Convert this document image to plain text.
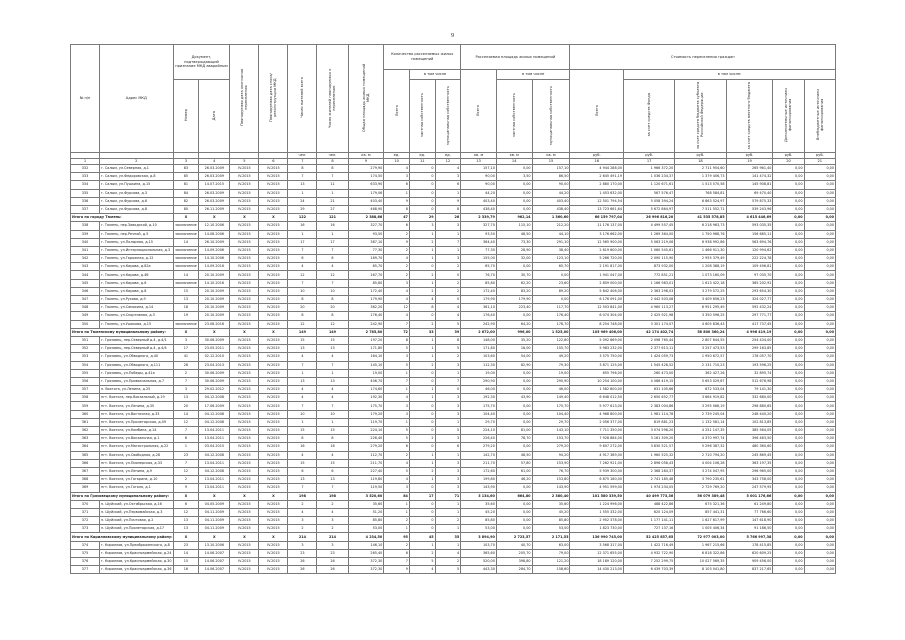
9
№ п/п	Адрес МКД	Документ, подтверждающий признание МКД аварийным		Планируемая дата окончания переселения	Планируемая дата сноса/реконструкции МКД	Число жителей всего	Число жителей планируемых к переселению	Общая площадь жилых помещений МКД	Количество расселяемых жилых помещений			Расселяемая площадь жилых помещений			Стоимость переселения граждан					
									Всего	в том числе		Всего	в том числе		Всего	в том числе:				
										частная собственность	муниципальная собственность		частная собственность	муниципальная собственность		за счет средств Фонда	за счет средств бюджета субъекта Российской Федерации	за счет средств местного бюджета	Дополнительные источники финансирования	Внебюджетные источники финансирования
		Номер	Дата																	
						чел.	чел.	кв. м	ед.	ед.	ед.	кв. м	кв. м	кв. м	руб.	руб.	руб.	руб.	руб.	руб.
1	2	3	4	5	6	7	8	9	10	11	12	13	14	15	16	17	18	19	20	21
332	г. Салым, ул.Северная, д.1	83	26.03.2009	IV.2015	IV.2015	8	8	279,90	4	0	4	157,10	0,00	157,10	4 944 288,00	1 966 372,20	2 711 954,60	265 961,40	0,00	0,00
333	г. Салым, ул.Федоровская, д.8	85	26.03.2009	IV.2015	IV.2015	7	7	174,50	3	0	3	90,00	3,50	86,50	2 645 491,19	1 036 234,37	1 379 406,73	141 474,32	0,00	0,00
334	г. Салым, ул.Пушкина, д.15	81	14.07.2015	IV.2015	IV.2015	13	11	633,90	6	0	6	90,00	0,00	90,00	2 880 170,00	1 120 671,61	1 513 570,58	145 908,81	0,00	0,00
335	г. Салым, ул.Фурсова, д.3	84	26.03.2009	IV.2015	IV.2015	1	1	179,06	1	0	1	44,20	0,00	44,20	1 453 632,00	567 576,47	768 584,81	69 470,40	0,00	0,00
336	г. Салым, ул.Фурсова, д.6	82	26.03.2009	IV.2015	IV.2015	24	21	403,40	9	0	9	403,40	0,00	403,40	12 501 794,54	5 058 394,24	6 863 524,97	579 875,33	0,00	0,00
337	г. Салым, ул.Фурсова, д.8	80	26.11.2009	IV.2015	IV.2015	29	27	468,90	8	0	8	438,40	0,00	438,40	13 723 661,64	5 672 864,97	7 511 552,71	539 243,96	0,00	0,00
Итого по городу Тюлень:		X	X	X	X	122	121	2 388,66	47	29	26	2 339,79	962,14	1 360,60	66 159 797,04	26 996 816,20	41 535 578,85	4 615 446,69	0,00	0,00
338	г. Тюлень, пер.Заводской, д.10	заключение	12.10.2006	IV.2015	IV.2015	16	16	327,70	6	3	3	327,70	115,10	212,20	11 176 137,00	4 499 557,45	6 218 963,73	593 035,35	0,00	0,00
339	г. Тюлень, пер.Речной, д.5	заключение	14.08.2006	IV.2015	IV.2015	1	1	93,50	2	1	1	93,50	48,50	44,10	3 176 662,00	1 269 364,00	1 750 968,76	156 685,11	0,00	0,00
340	г. Тюлень, ул.Полярная, д.15	14	26.10.2009	IV.2015	IV.2015	17	17	387,10	9	2	7	364,40	73,30	291,10	12 565 900,00	5 063 219,06	6 938 992,86	563 694,76	0,00	0,00
341	г. Тюлень, ул.Интернациональная, д.3	заключение	14.09.2006	IV.2015	IV.2015	7	7	77,30	2	1	1	77,30	28,90	38,40	2 619 600,00	1 060 545,61	1 466 911,30	120 994,62	0,00	0,00
342	г. Тюлень, ул.Гаражная, д.12	заключение	14.10.2006	IV.2015	IV.2015	6	6	169,70	4	1	3	155,00	32,00	123,10	5 266 720,00	2 090 115,90	2 955 379,49	222 224,78	0,00	0,00
343	г. Тюлень, ул.Кирова, д.82а	заключение	14.09.2016	IV.2015	IV.2015	4	4	65,70	2	0	2	65,70	0,00	65,70	2 191 817,00	873 932,00	1 208 388,19	109 496,81	0,00	0,00
344	г. Тюлень, ул.Кирова, д.4б	14	20.10.2009	IV.2015	IV.2015	12	12	167,70	2	2	0	76,70	30,70	0,00	1 941 047,00	772 851,21	1 073 160,09	97 035,70	0,00	0,00
345	г. Тюлень, ул.Кирова, д.6	заключение	14.10.2016	IV.2015	IV.2015	7	7	85,80	3	1	2	85,80	62,20	23,60	2 859 000,00	1 166 983,01	1 613 422,18	365 202,92	0,00	0,00
346	г. Тюлень, ул.Кирова, д.8	15	20.10.2009	IV.2015	IV.2015	10	10	172,40	4	2	2	172,40	83,20	89,20	5 842 406,00	2 363 298,03	3 279 572,25	293 654,30	0,00	0,00
347	г. Тюлень, ул.Рухова, д.9	13	20.10.2009	IV.2015	IV.2015	8	8	179,90	4	4	0	179,90	179,90	0,00	6 176 091,00	2 442 503,08	3 409 656,23	324 027,77	0,00	0,00
348	г. Тюлень, ул.Самохина, д.14	18	20.10.2009	IV.2015	IV.2015	20	20	362,20	12	8	4	361,10	223,40	117,70	12 503 841,00	4 960 113,27	6 951 295,49	592 432,24	0,00	0,00
349	г. Тюлень, ул.Спортивная, д.3	19	20.10.2009	IV.2015	IV.2015	8	8	176,40	4	0	4	176,40	0,00	176,40	6 074 304,00	2 425 921,98	3 350 596,25	297 771,77	0,00	0,00
350	г. Тюлень, ул.Ушакова, д.15	заключение	23.08.2016	IV.2015	IV.2015	12	12	242,90	7	2	5	242,90	64,20	178,70	8 254 748,00	3 301 174,07	4 605 836,43	417 737,45	0,00	0,00
Итого по Тюленскому муниципальному району:		X	X	X	X	149	149	2 785,80	72	33	39	2 672,00	996,00	1 525,00	105 969 406,00	42 174 402,74	58 800 360,24	4 996 419,19	0,00	0,00
351	г. Грязовец, пер.Северный д.4, д.4/1	3	30.06.2009	IV.2015	IV.2015	15	15	197,20	8	1	8	148,00	35,20	122,80	5 092 669,00	2 098 765,44	2 807 644,55	254 434,00	0,00	0,00
352	г. Грязовец, пер.Северный д.4, д.4/4	17	23.05.2011	IV.2015	IV.2015	13	13	171,80	5	1	5	171,80	16,00	155,70	5 983 232,00	2 377 613,11	3 257 473,53	299 163,85	0,00	0,00
353	г. Грязовец, ул.Обводного, д.40	41	02.12.2010	IV.2015	IV.2015	4	4	164,10	3	1	2	103,60	54,00	49,20	3 575 750,00	1 424 059,73	1 950 672,57	178 057,70	0,00	0,00
354	г. Грязовец, ул.Обводного, д.111	28	23.04.2013	IV.2015	IV.2015	7	7	145,10	5	2	3	112,30	82,90	79,30	3 871 125,00	1 545 428,52	2 131 710,23	193 596,25	0,00	0,00
355	г. Грязовец, ул.Победы, д.41а	2	30.06.2009	IV.2015	IV.2015	1	1	19,00	1	0	1	19,00	0,00	19,00	655 796,00	260 473,00	362 427,26	32 895,74	0,00	0,00
356	г. Грязовец, ул.Привокзальная, д.7	7	30.06.2009	IV.2015	IV.2015	13	13	406,70	7	0	7	290,90	0,00	290,90	10 254 100,00	4 088 419,15	5 653 029,87	512 678,98	0,00	0,00
357	п. Вохтога, ул.Ленина, д.25	3	29.02.2012	IV.2015	IV.2015	4	4	174,60	1	1	0	46,00	0,00	46,00	1 582 800,00	631 105,66	872 533,04	79 141,30	0,00	0,00
358	пгт. Вохтога, пер.Вокзальный, д.19	13	04.12.2008	IV.2015	IV.2015	4	4	192,30	4	1	3	192,30	43,90	149,40	6 648 012,50	2 650 652,77	3 664 919,82	332 680,00	0,00	0,00
359	пгт. Вохтога, ул.Ленина, д.35	20	17.06.2009	IV.2015	IV.2015	7	7	175,70	3	0	3	175,70	0,00	175,70	5 977 613,00	2 383 004,86	3 295 068,19	298 880,65	0,00	0,00
360	пгт. Вохтога, ул.Восточная, д.33	14	04.12.2008	IV.2015	IV.2015	10	10	179,20	3	0	3	104,40	0,00	104,40	4 968 800,00	1 981 114,78	2 739 245,04	248 440,20	0,00	0,00
361	пгт. Вохтога, ул.Пролетарская, д.49	12	04.12.2008	IV.2015	IV.2015	1	1	119,70	1	0	1	29,70	0,00	29,70	2 056 377,00	819 881,23	1 132 581,14	102 813,85	0,00	0,00
362	пгт. Вохтога, ул.Комбина, д.14	7	13.04.2011	IV.2015	IV.2015	15	15	224,10	5	0	5	224,10	81,00	143,10	7 711 350,00	3 074 598,20	4 251 147,35	385 564,05	0,00	0,00
363	пгт. Вохтога, ул.Вокзальная, д.1	8	13.04.2011	IV.2015	IV.2015	8	8	226,40	5	2	3	226,40	78,70	153,70	7 928 884,00	3 161 309,20	4 370 997,74	396 463,50	0,00	0,00
364	пгт. Вохтога, ул.Магистральная, д.22	1	03.04.2015	IV.2015	IV.2015	16	16	279,20	6	0	6	279,20	0,00	279,20	9 607 272,00	3 830 521,57	5 296 387,32	480 360,60	0,00	0,00
365	пгт. Вохтога, ул.Свободная, д.28	23	04.12.2008	IV.2015	IV.2015	4	4	112,70	2	1	1	142,70	48,50	94,20	4 917 389,00	1 960 525,32	2 710 794,20	245 869,45	0,00	0,00
366	пгт. Вохтога, ул.Пионерская, д.33	7	13.04.2011	IV.2015	IV.2015	15	15	211,70	4	1	3	211,70	57,80	153,90	7 262 921,00	2 896 058,43	4 004 106,28	363 197,35	0,00	0,00
367	пгт. Вохтога, ул.Ленина, д.9	12	04.12.2008	IV.2015	IV.2015	6	6	227,40	5	2	3	172,60	61,00	76,70	5 939 300,00	2 368 284,37	3 274 047,95	296 965,00	0,00	0,00
368	пгт. Вохтога, ул.Гагарина, д.10	2	13.04.2011	IV.2015	IV.2015	13	13	119,80	4	1	3	199,80	46,20	153,80	6 875 180,00	2 741 185,48	3 790 235,61	343 758,00	0,00	0,00
369	пгт. Вохтога, ул.Гоголя, д.1	9	13.04.2011	IV.2015	IV.2015	7	7	119,50	3	0	3	143,90	0,00	143,90	4 951 599,00	1 974 234,05	2 729 769,20	247 579,95	0,00	0,00
Итого по Грязовецкому муниципальному району:		X	X	X	X	198	198	3 520,60	84	17	71	3 134,60	664,80	2 380,40	101 580 339,50	40 499 773,36	56 079 389,48	5 001 176,66	0,00	0,00
370	п. Шуйский, ул.Октябрьская, д.16	6	04.05.2009	IV.2015	IV.2015	2	2	35,60	1	0	1	35,60	0,00	35,60	1 224 996,00	488 422,86	675 321,36	61 249,80	0,00	0,00
371	п. Шуйский, ул.Первомайская, д.3	12	04.11.2009	IV.2015	IV.2015	4	4	51,20	1	0	1	45,20	0,00	45,20	1 555 332,00	620 124,09	857 441,31	77 766,60	0,00	0,00
372	п. Шуйский, ул.Почтовая, д.2	13	04.11.2009	IV.2015	IV.2015	3	3	85,80	2	0	2	85,80	0,00	85,80	2 952 378,00	1 177 141,11	1 627 617,99	147 618,90	0,00	0,00
373	п. Шуйский, ул.Пролетарская, д.17	13	04.11.2009	IV.2015	IV.2015	2	2	53,00	1	0	1	53,00	0,00	53,00	1 823 730,00	727 137,16	1 005 406,34	91 186,50	0,00	0,00
Итого по Кирилловскому муниципальному району:		X	X	X	X	214	214	4 234,50	95	45	35	3 894,90	2 723,57	2 171,53	136 990 745,00	52 425 857,65	72 977 003,00	5 766 997,38	0,00	0,00
374	г. Кириллов, ул.Преображенского, д.8	23	13.10.2006	IV.2015	IV.2015	3	3	146,10	2	1	1	103,70	40,70	63,00	3 568 317,00	1 422 716,49	1 967 215,66	178 415,85	0,00	0,00
375	г. Кириллов, ул.Красноармейская, д.24	14	14.06.2007	IV.2015	IV.2015	23	23	265,40	6	2	4	365,60	205,70	79,00	12 371 655,00	4 932 722,90	6 818 322,86	620 609,25	0,00	0,00
376	г. Кириллов, ул.Красноармейская, д.30	15	14.06.2007	IV.2015	IV.2015	26	26	372,30	7	5	2	520,00	398,80	121,20	18 189 120,00	7 252 299,75	10 027 569,35	909 456,00	0,00	0,00
377	г. Кириллов, ул.Красноармейская, д.36	16	14.06.2007	IV.2015	IV.2015	26	26	372,30	9	4	5	443,30	284,70	158,60	14 430 213,00	6 439 703,39	8 103 041,80	837 217,65	0,00	0,00
